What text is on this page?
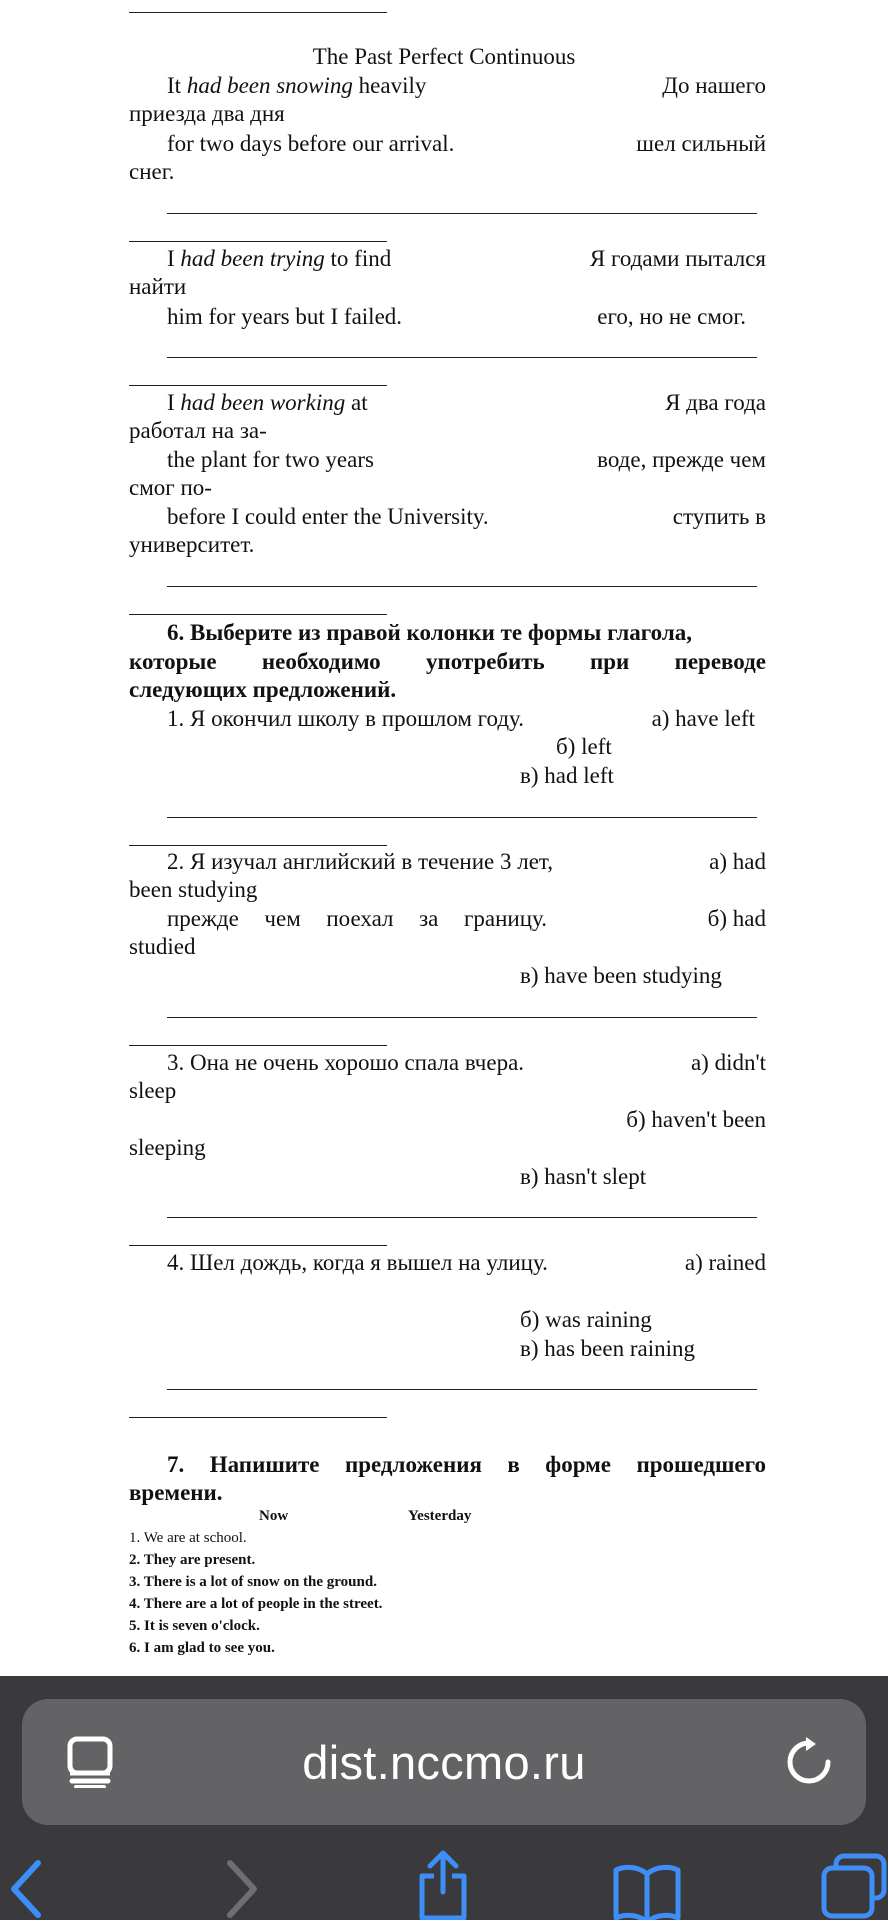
The Past Perfect Continuous
It had been snowing heavily	До нашего
приезда два дня
for two days before our arrival.	шел сильный
снег.
I had been trying to find	Я годами пытался
найти
him for years but I failed.	его, но не смог.
I had been working at	Я два года
работал на за-
the plant for two years	воде, прежде чем
смог по-
before I could enter the University.	ступить в
университет.
6. Выберите из правой колонки те формы глагола,
которые необходимо употребить при переводе
следующих предложений.
1. Я окончил школу в прошлом году.	а) have left
б) left
в) had left
2. Я изучал английский в течение 3 лет,	а) had
been studying
прежде чем поехал за границу.	б) had
studied
в) have been studying
3. Она не очень хорошо спала вчера.	а) didn't
sleep
б) haven't been
sleeping
в) hasn't slept
4. Шел дождь, когда я вышел на улицу.	а) rained
б) was raining
в) has been raining
7. Напишите предложения в форме прошедшего
времени.
Now	Yesterday
1. We are at school.
2. They are present.
3. There is a lot of snow on the ground.
4. There are a lot of people in the street.
5. It is seven o'clock.
6. I am glad to see you.
dist.nccmo.ru
